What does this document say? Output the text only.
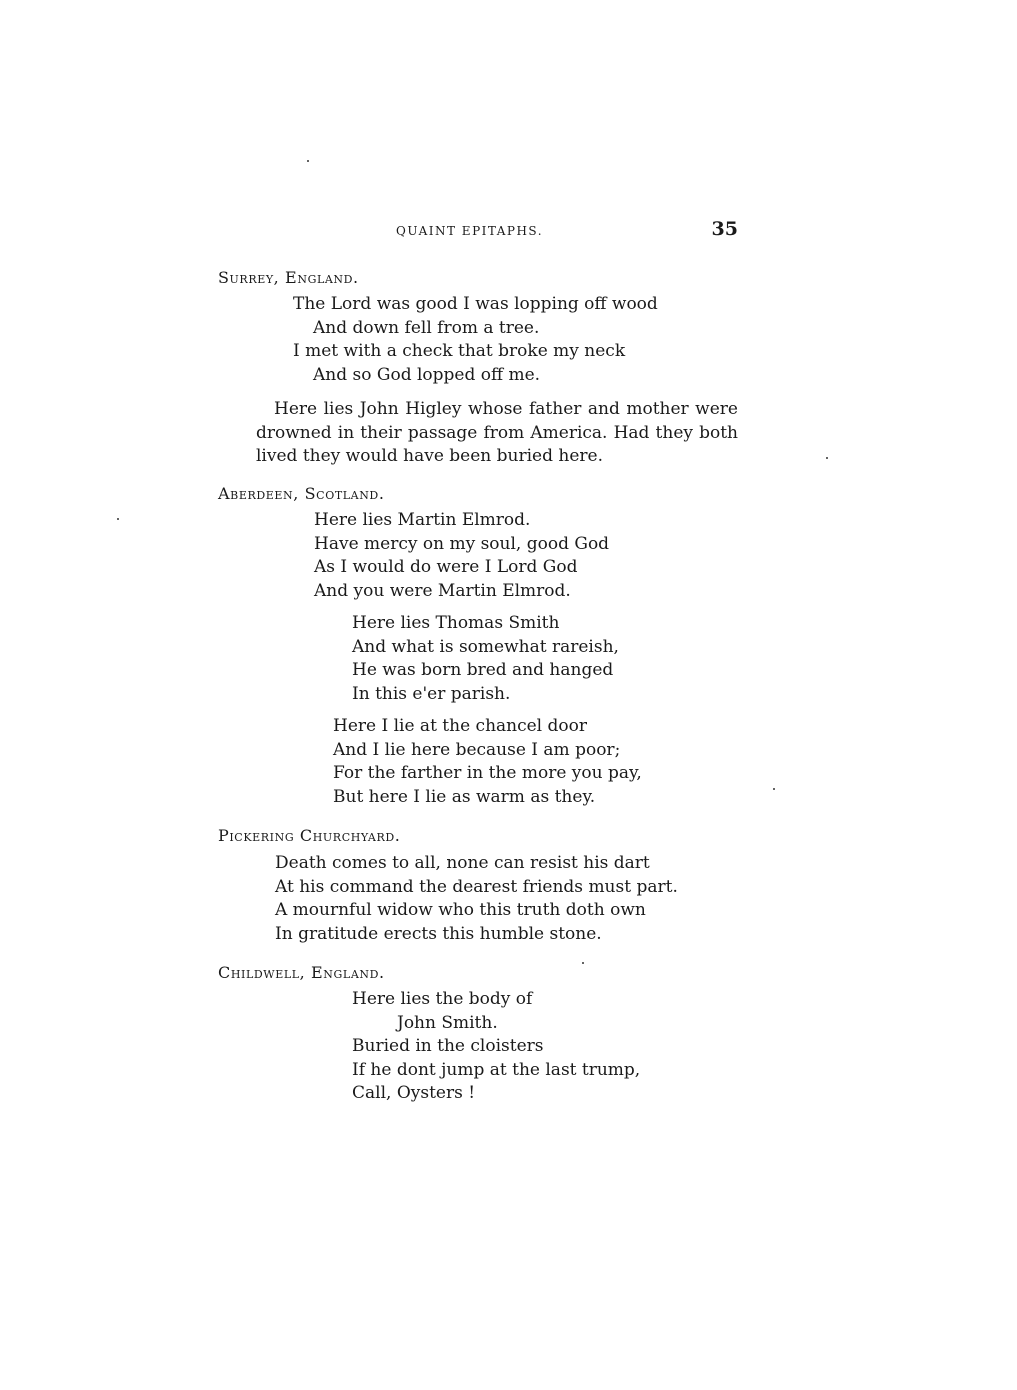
QUAINT EPITAPHS.	35
Surrey, England.
The Lord was good I was lopping off wood
And down fell from a tree.
I met with a check that broke my neck
And so God lopped off me.

Here lies John Higley whose father and mother were drowned in their passage from America. Had they both lived they would have been buried here.

Aberdeen, Scotland.
Here lies Martin Elmrod.
Have mercy on my soul, good God
As I would do were I Lord God
And you were Martin Elmrod.
Here lies Thomas Smith
And what is somewhat rareish,
He was born bred and hanged
In this e'er parish.
Here I lie at the chancel door
And I lie here because I am poor;
For the farther in the more you pay,
But here I lie as warm as they.
Pickering Churchyard.
Death comes to all, none can resist his dart
At his command the dearest friends must part.
A mournful widow who this truth doth own
In gratitude erects this humble stone.
Childwell, England.
Here lies the body of
John Smith.
Buried in the cloisters
If he dont jump at the last trump,
Call, Oysters !
